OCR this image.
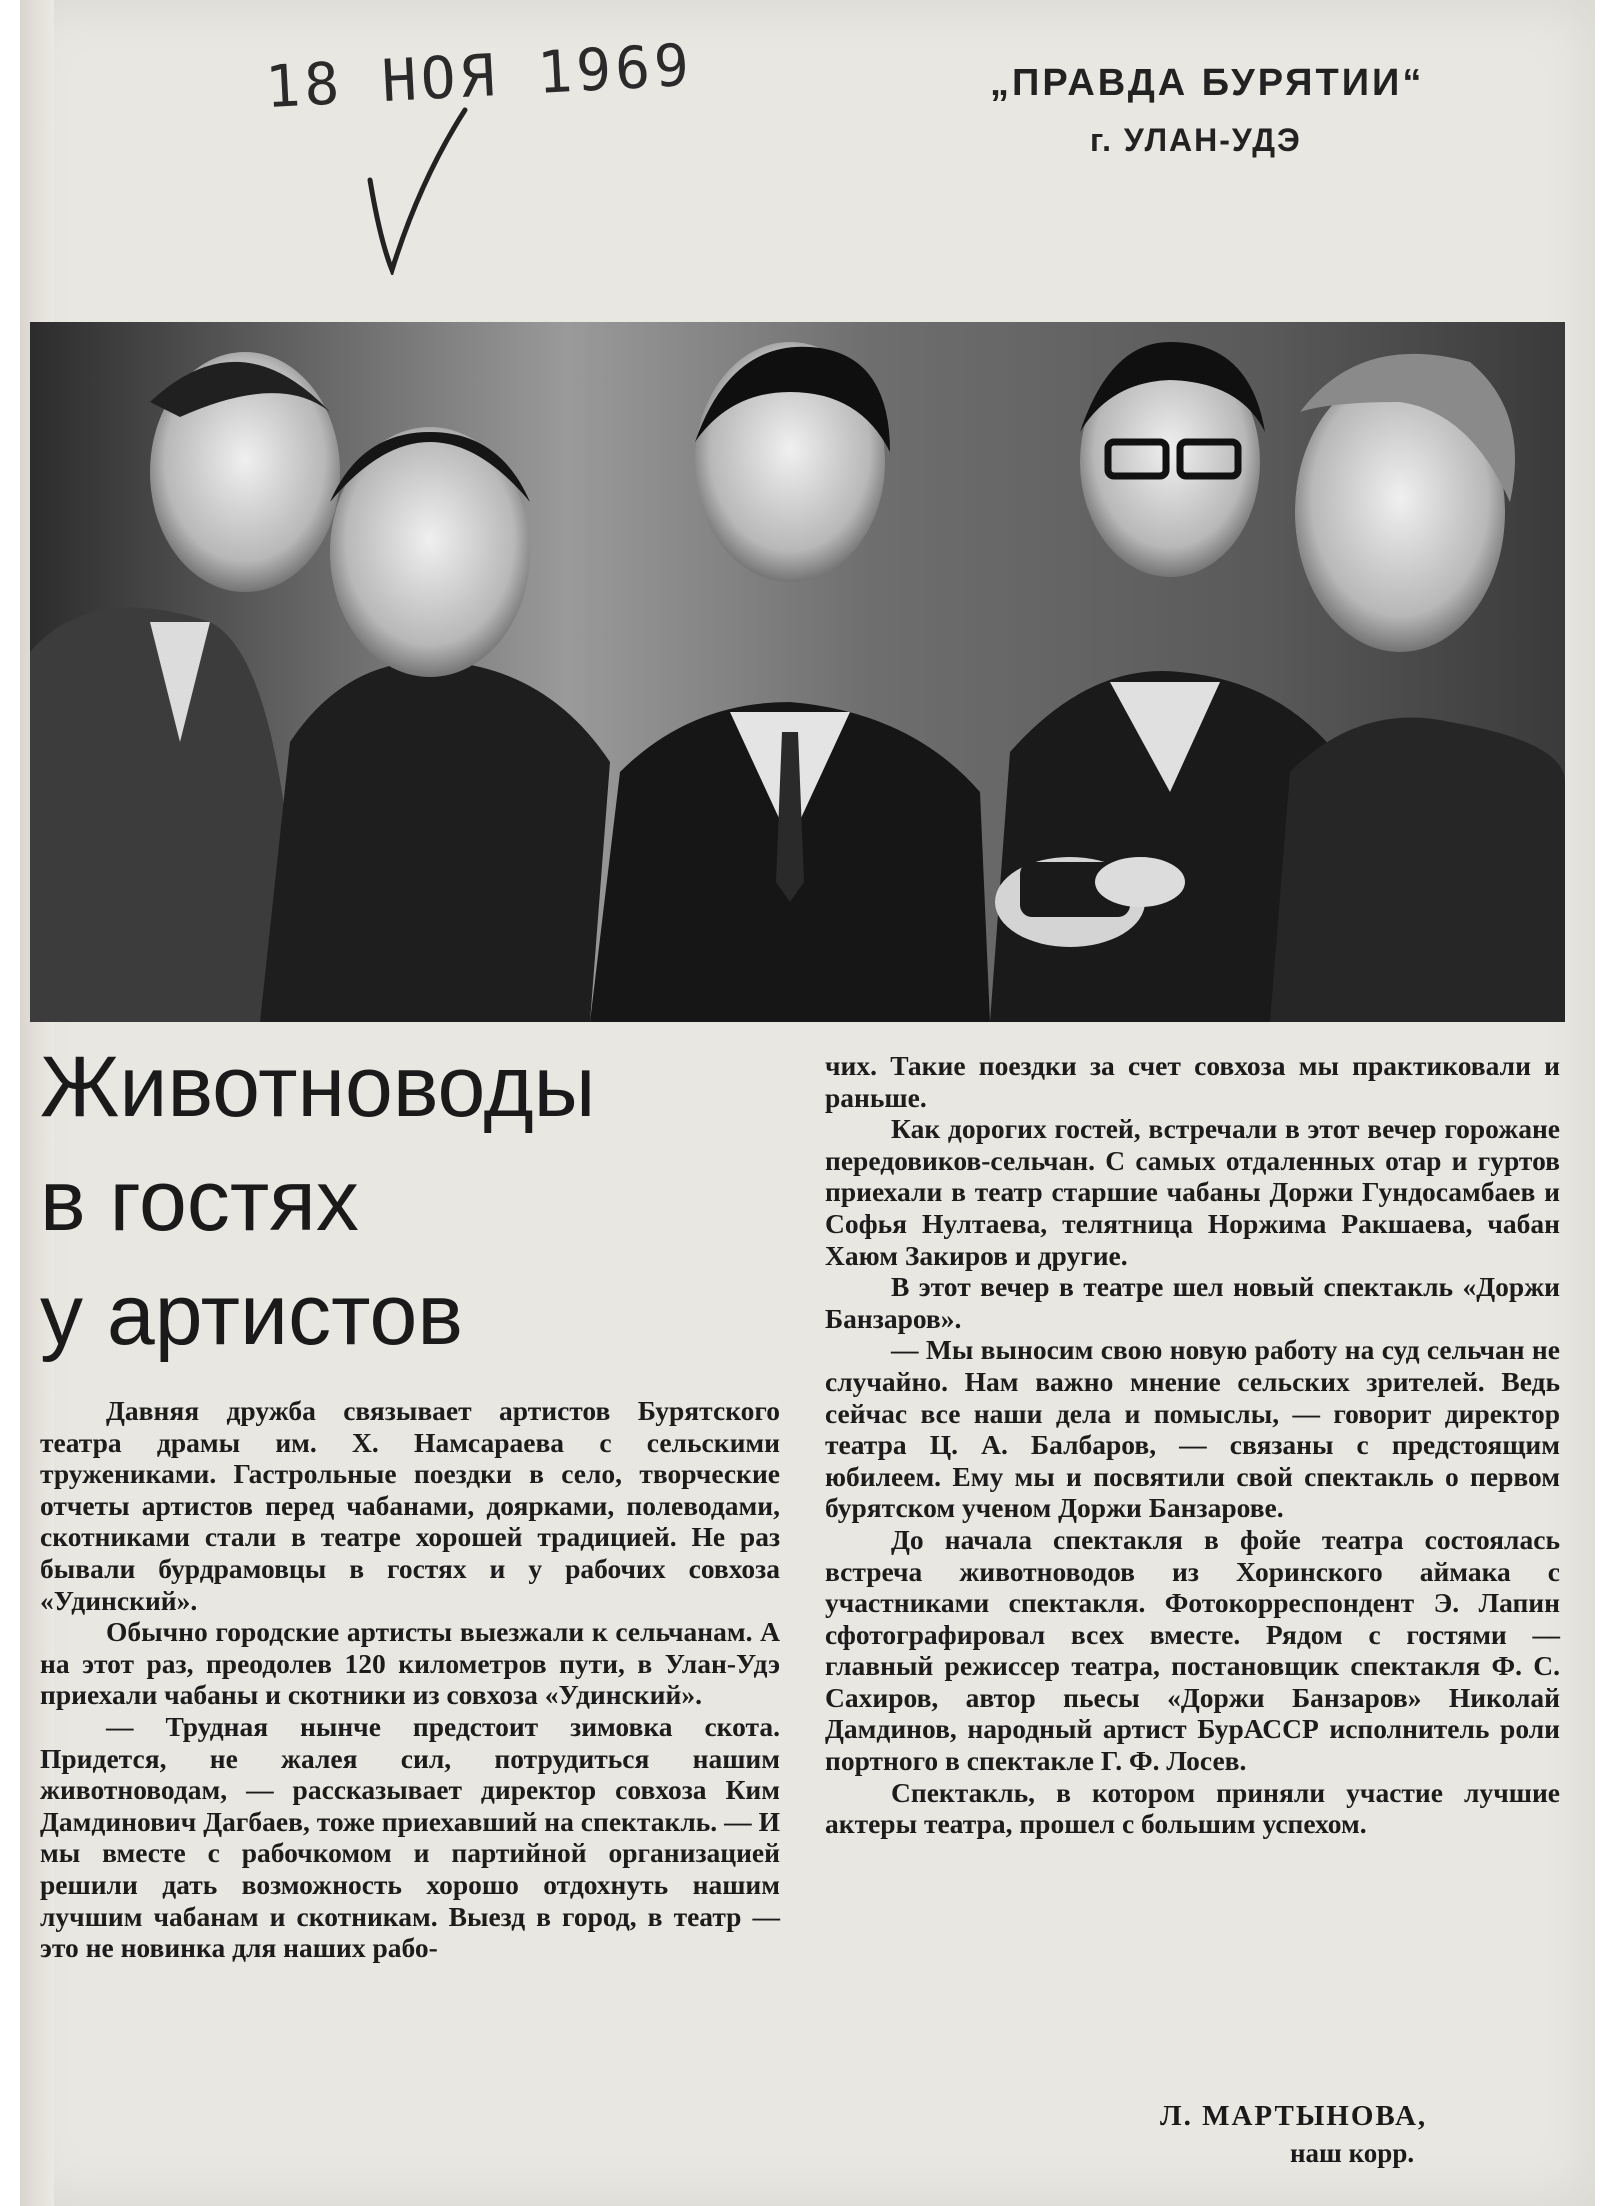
18 НОЯ 1969	„ПРАВДА БУРЯТИИ“
г. УЛАН-УДЭ
Животноводы
в гостях
у артистов

Давняя дружба связывает артистов Бурятского театра драмы им. Х. Намсараева с сельскими тружениками. Гастрольные поездки в село, творческие отчеты артистов перед чабанами, доярками, полеводами, скотниками стали в театре хорошей традицией. Не раз бывали бурдрамовцы в гостях и у рабочих совхоза «Удинский».

Обычно городские артисты выезжали к сельчанам. А на этот раз, преодолев 120 километров пути, в Улан-Удэ приехали чабаны и скотники из совхоза «Удинский».

— Трудная нынче предстоит зимовка скота. Придется, не жалея сил, потрудиться нашим животноводам, — рассказывает директор совхоза Ким Дамдинович Дагбаев, тоже приехавший на спектакль. — И мы вместе с рабочкомом и партийной организацией решили дать возможность хорошо отдохнуть нашим лучшим чабанам и скотникам. Выезд в город, в театр — это не новинка для наших рабо-

чих. Такие поездки за счет совхоза мы практиковали и раньше.

Как дорогих гостей, встречали в этот вечер горожане передовиков-сельчан. С самых отдаленных отар и гуртов приехали в театр старшие чабаны Доржи Гундосамбаев и Софья Нултаева, телятница Норжима Ракшаева, чабан Хаюм Закиров и другие.

В этот вечер в театре шел новый спектакль «Доржи Банзаров».

— Мы выносим свою новую работу на суд сельчан не случайно. Нам важно мнение сельских зрителей. Ведь сейчас все наши дела и помыслы, — говорит директор театра Ц. А. Балбаров, — связаны с предстоящим юбилеем. Ему мы и посвятили свой спектакль о первом бурятском ученом Доржи Банзарове.

До начала спектакля в фойе театра состоялась встреча животноводов из Хоринского аймака с участниками спектакля. Фотокорреспондент Э. Лапин сфотографировал всех вместе. Рядом с гостями — главный режиссер театра, постановщик спектакля Ф. С. Сахиров, автор пьесы «Доржи Банзаров» Николай Дамдинов, народный артист БурАССР исполнитель роли портного в спектакле Г. Ф. Лосев.

Спектакль, в котором приняли участие лучшие актеры театра, прошел с большим успехом.

Л. МАРТЫНОВА,
наш корр.
